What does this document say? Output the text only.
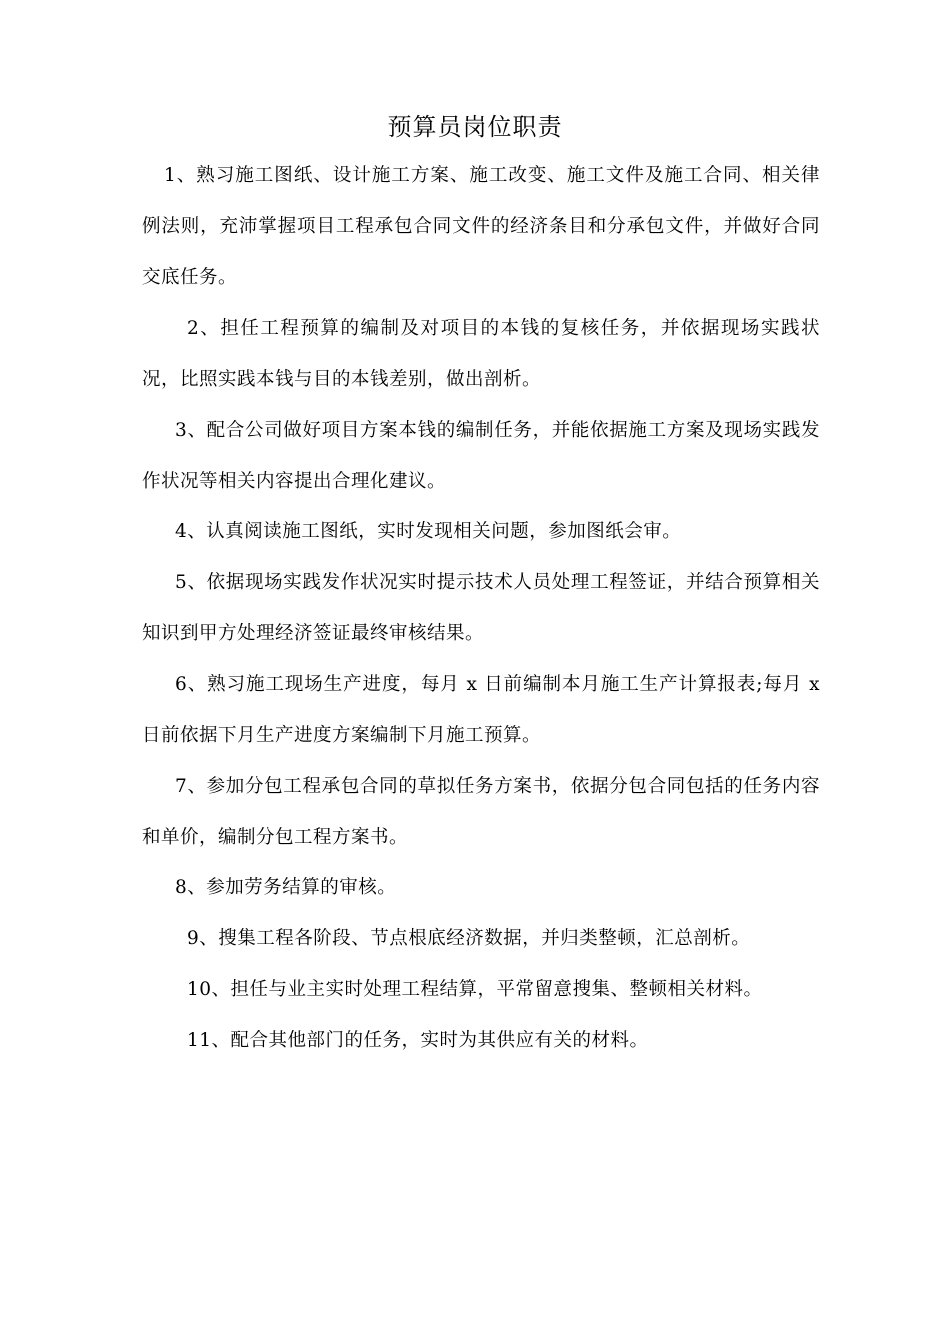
预算员岗位职责
1、熟习施工图纸、设计施工方案、施工改变、施工文件及施工合同、相关律例法则，充沛掌握项目工程承包合同文件的经济条目和分承包文件，并做好合同交底任务。
2、担任工程预算的编制及对项目的本钱的复核任务，并依据现场实践状况，比照实践本钱与目的本钱差别，做出剖析。
3、配合公司做好项目方案本钱的编制任务，并能依据施工方案及现场实践发作状况等相关内容提出合理化建议。
4、认真阅读施工图纸，实时发现相关问题，参加图纸会审。
5、依据现场实践发作状况实时提示技术人员处理工程签证，并结合预算相关知识到甲方处理经济签证最终审核结果。
6、熟习施工现场生产进度，每月 x 日前编制本月施工生产计算报表;每月 x 日前依据下月生产进度方案编制下月施工预算。
7、参加分包工程承包合同的草拟任务方案书，依据分包合同包括的任务内容和单价，编制分包工程方案书。
8、参加劳务结算的审核。
9、搜集工程各阶段、节点根底经济数据，并归类整顿，汇总剖析。
10、担任与业主实时处理工程结算，平常留意搜集、整顿相关材料。
11、配合其他部门的任务，实时为其供应有关的材料。
